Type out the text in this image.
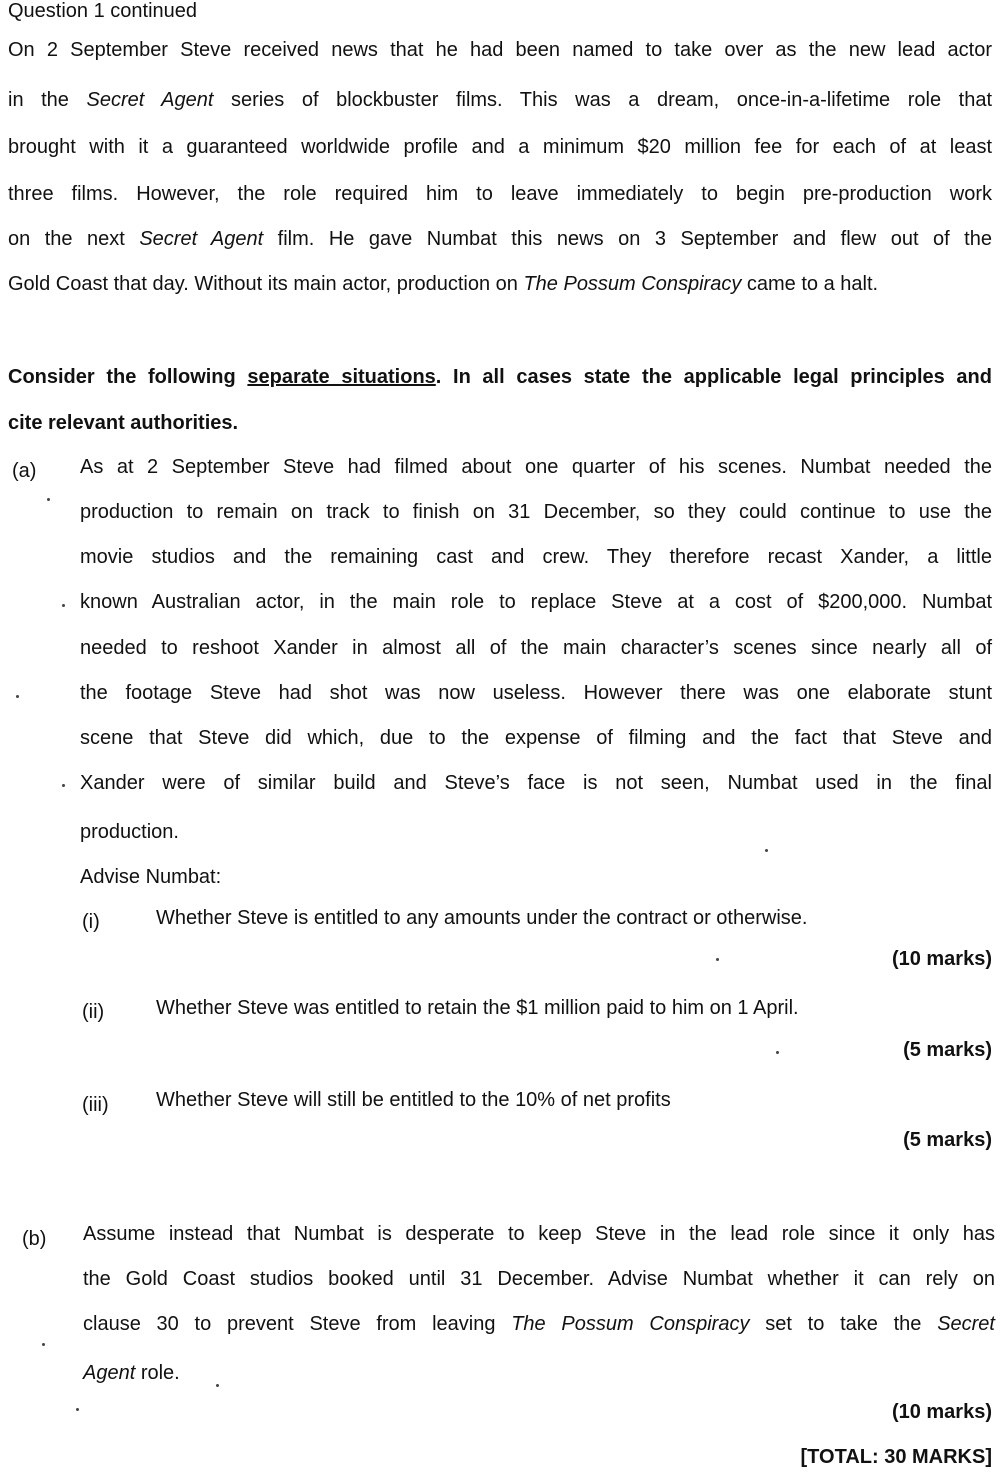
Question 1 continued
On 2 September Steve received news that he had been named to take over as the new lead actor
in the Secret Agent series of blockbuster films. This was a dream, once-in-a-lifetime role that
brought with it a guaranteed worldwide profile and a minimum $20 million fee for each of at least
three films. However, the role required him to leave immediately to begin pre-production work
on the next Secret Agent film. He gave Numbat this news on 3 September and flew out of the
Gold Coast that day. Without its main actor, production on The Possum Conspiracy came to a halt.
Consider the following separate situations. In all cases state the applicable legal principles and
cite relevant authorities.
(a) As at 2 September Steve had filmed about one quarter of his scenes. Numbat needed the
production to remain on track to finish on 31 December, so they could continue to use the
movie studios and the remaining cast and crew. They therefore recast Xander, a little
known Australian actor, in the main role to replace Steve at a cost of $200,000. Numbat
needed to reshoot Xander in almost all of the main character’s scenes since nearly all of
the footage Steve had shot was now useless. However there was one elaborate stunt
scene that Steve did which, due to the expense of filming and the fact that Steve and
Xander were of similar build and Steve’s face is not seen, Numbat used in the final
production.
Advise Numbat:
(i)	Whether Steve is entitled to any amounts under the contract or otherwise.
(10 marks)
(ii)	Whether Steve was entitled to retain the $1 million paid to him on 1 April.
(5 marks)
(iii) Whether Steve will still be entitled to the 10% of net profits
(5 marks)
(b) Assume instead that Numbat is desperate to keep Steve in the lead role since it only has
the Gold Coast studios booked until 31 December. Advise Numbat whether it can rely on
clause 30 to prevent Steve from leaving The Possum Conspiracy set to take the Secret
Agent role.
(10 marks)
[TOTAL: 30 MARKS]
